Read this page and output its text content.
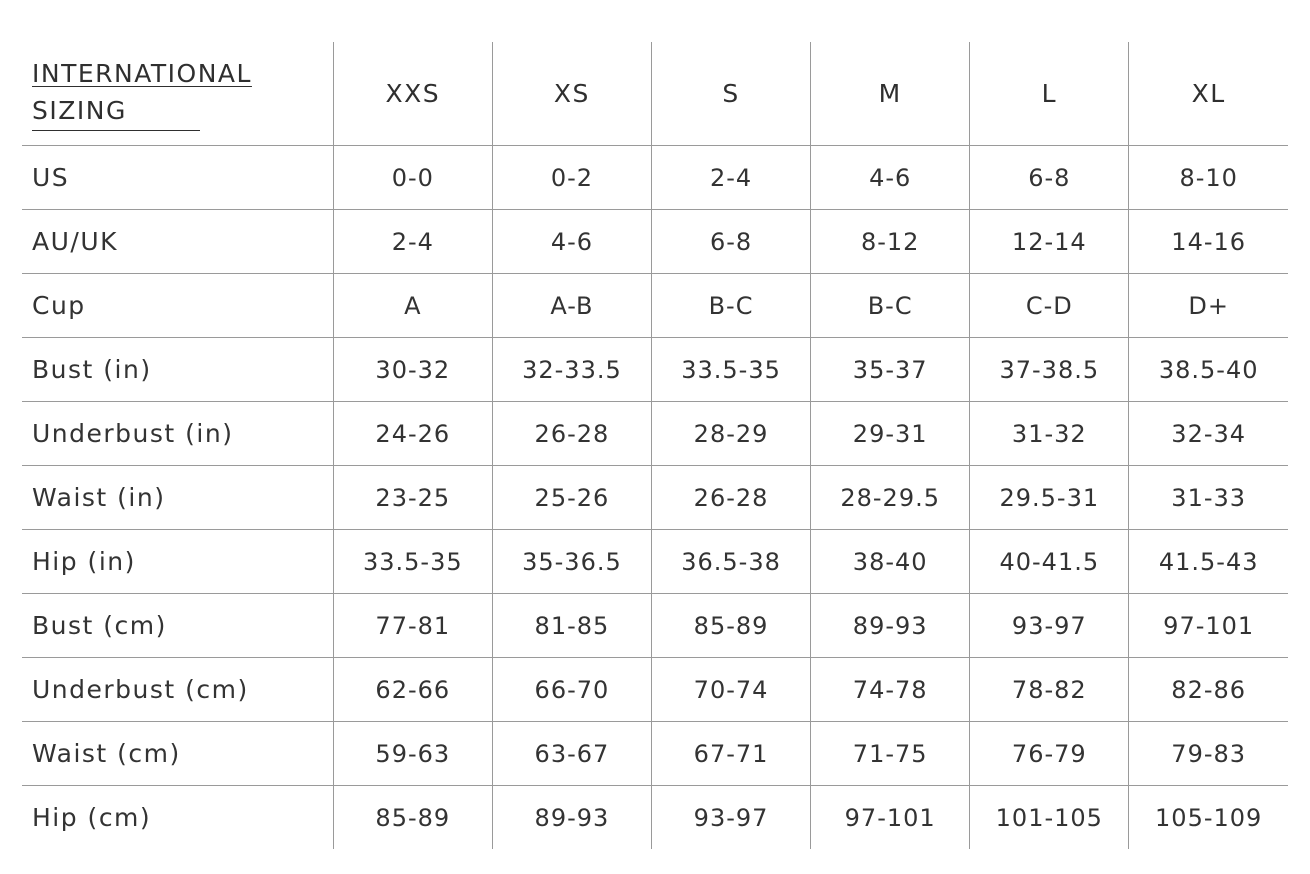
INTERNATIONAL
SIZING	XXS	XS	S	M	L	XL
US	0-0	0-2	2-4	4-6	6-8	8-10
AU/UK	2-4	4-6	6-8	8-12	12-14	14-16
Cup	A	A-B	B-C	B-C	C-D	D+
Bust (in)	30-32	32-33.5	33.5-35	35-37	37-38.5	38.5-40
Underbust (in)	24-26	26-28	28-29	29-31	31-32	32-34
Waist (in)	23-25	25-26	26-28	28-29.5	29.5-31	31-33
Hip (in)	33.5-35	35-36.5	36.5-38	38-40	40-41.5	41.5-43
Bust (cm)	77-81	81-85	85-89	89-93	93-97	97-101
Underbust (cm)	62-66	66-70	70-74	74-78	78-82	82-86
Waist (cm)	59-63	63-67	67-71	71-75	76-79	79-83
Hip (cm)	85-89	89-93	93-97	97-101	101-105	105-109
